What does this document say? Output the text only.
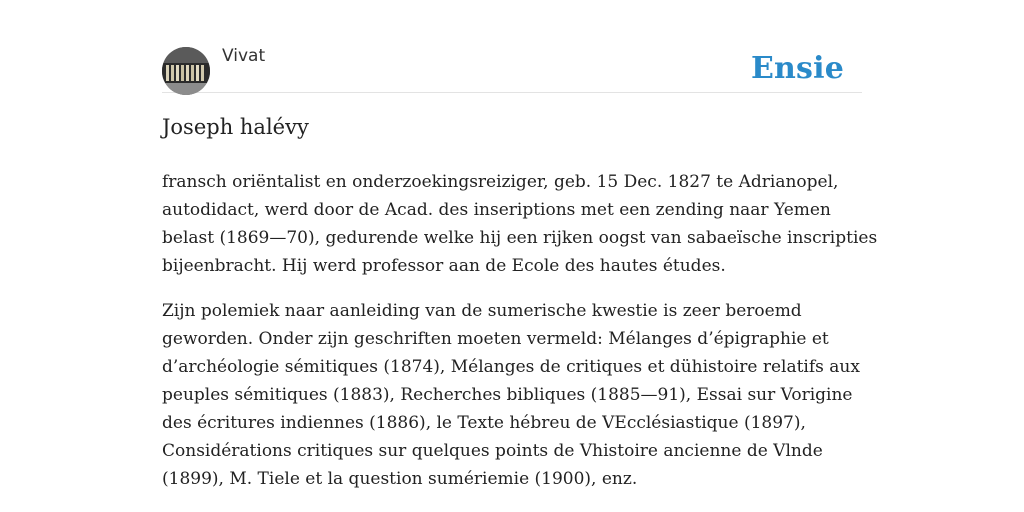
Vivat	Ensie
Joseph halévy

fransch oriëntalist en onderzoekingsreiziger, geb. 15 Dec. 1827 te Adrianopel, autodidact, werd door de Acad. des inseriptions met een zending naar Yemen belast (1869—70), gedurende welke hij een rijken oogst van sabaeïsche inscripties bijeenbracht. Hij werd professor aan de Ecole des hautes études.

Zijn polemiek naar aanleiding van de sumerische kwestie is zeer beroemd geworden. Onder zijn geschriften moeten vermeld: Mélanges d’épigraphie et d’archéologie sémitiques (1874), Mélanges de critiques et dühistoire relatifs aux peuples sémitiques (1883), Recherches bibliques (1885—91), Essai sur Vorigine des écritures indiennes (1886), le Texte hébreu de VEcclésiastique (1897), Considérations critiques sur quelques points de Vhistoire ancienne de Vlnde (1899), M. Tiele et la question sumériemie (1900), enz.
